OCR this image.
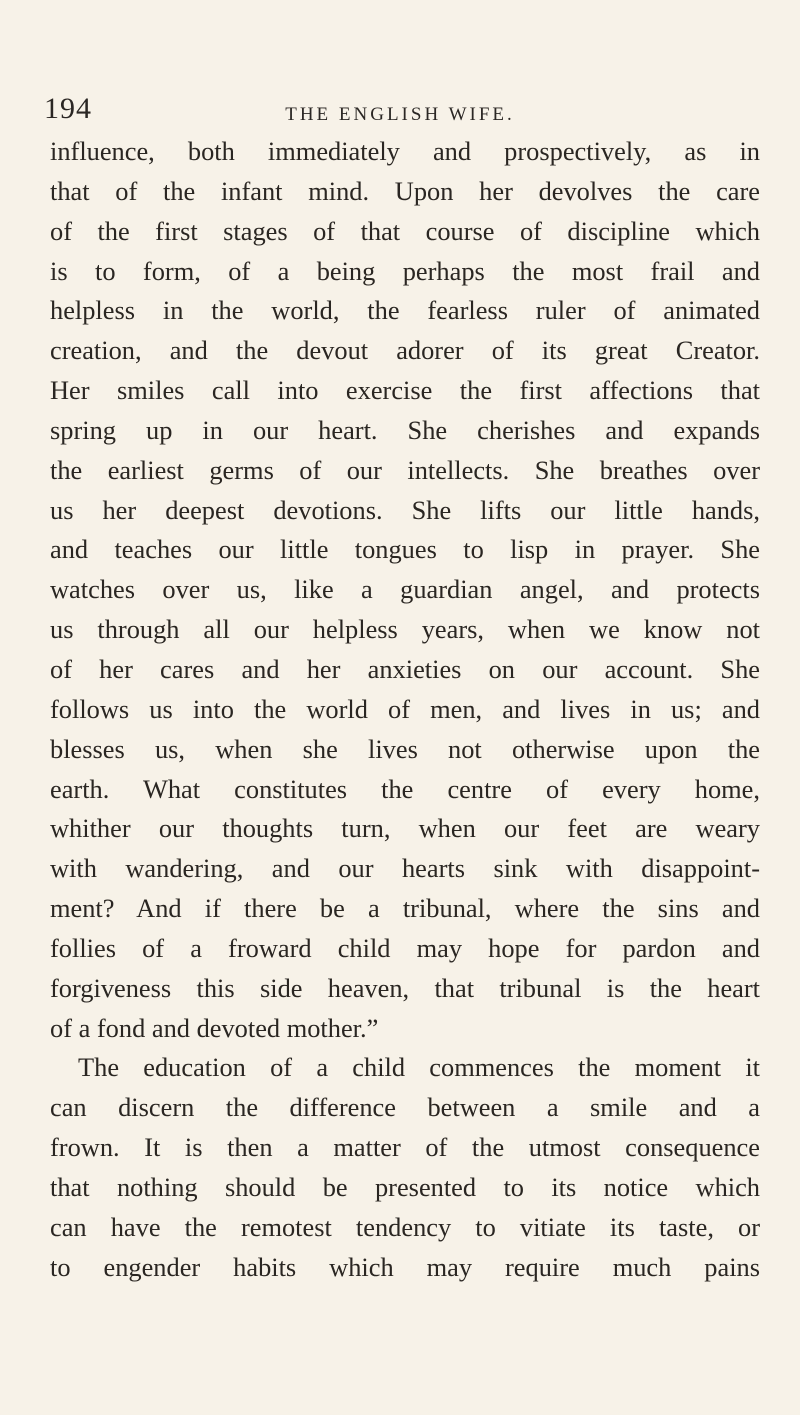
194	THE ENGLISH WIFE.
influence, both immediately and prospectively, as in
that of the infant mind. Upon her devolves the care
of the first stages of that course of discipline which
is to form, of a being perhaps the most frail and
helpless in the world, the fearless ruler of animated
creation, and the devout adorer of its great Creator.
Her smiles call into exercise the first affections that
spring up in our heart. She cherishes and expands
the earliest germs of our intellects. She breathes over
us her deepest devotions. She lifts our little hands,
and teaches our little tongues to lisp in prayer. She
watches over us, like a guardian angel, and protects
us through all our helpless years, when we know not
of her cares and her anxieties on our account. She
follows us into the world of men, and lives in us; and
blesses us, when she lives not otherwise upon the
earth. What constitutes the centre of every home,
whither our thoughts turn, when our feet are weary
with wandering, and our hearts sink with disappoint-
ment? And if there be a tribunal, where the sins and
follies of a froward child may hope for pardon and
forgiveness this side heaven, that tribunal is the heart
of a fond and devoted mother.”
The education of a child commences the moment it
can discern the difference between a smile and a
frown. It is then a matter of the utmost consequence
that nothing should be presented to its notice which
can have the remotest tendency to vitiate its taste, or
to engender habits which may require much pains
